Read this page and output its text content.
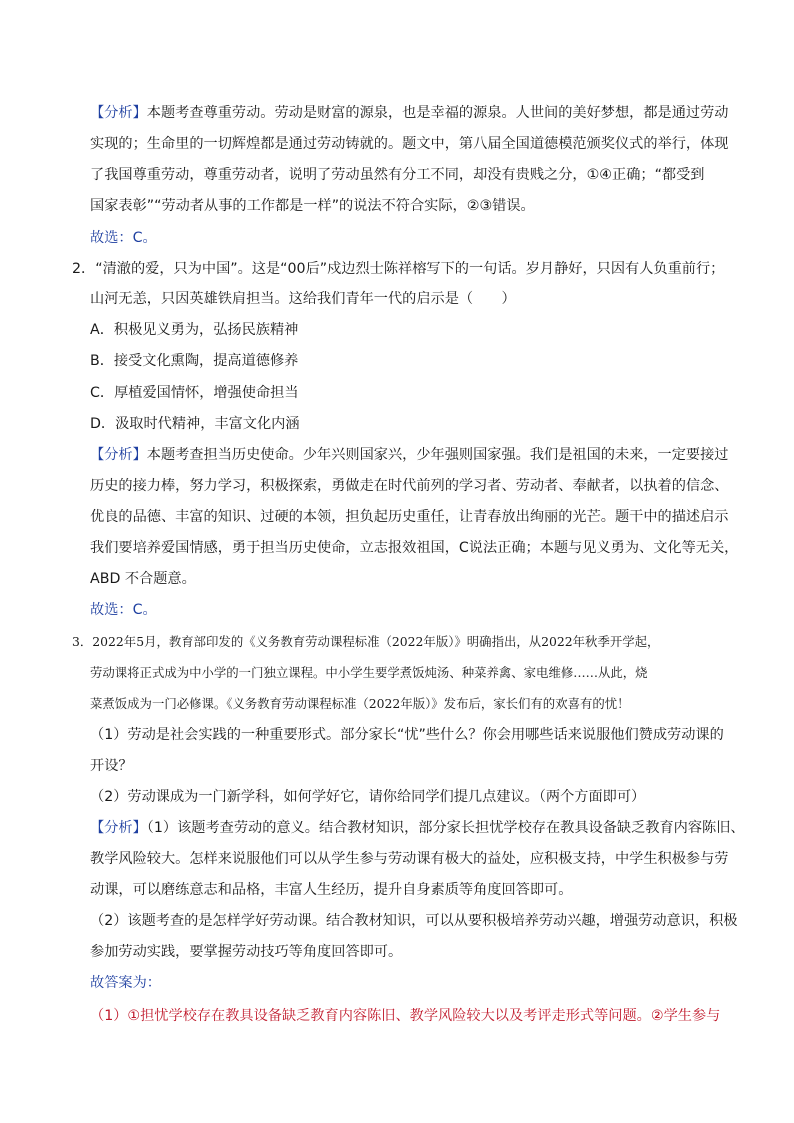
【分析】本题考查尊重劳动。劳动是财富的源泉，也是幸福的源泉。人世间的美好梦想，都是通过劳动
实现的；生命里的一切辉煌都是通过劳动铸就的。题文中，第八届全国道德模范颁奖仪式的举行，体现
了我国尊重劳动，尊重劳动者，说明了劳动虽然有分工不同，却没有贵贱之分，①④正确；“都受到
国家表彰”“劳动者从事的工作都是一样”的说法不符合实际，②③错误。
故选：C。
2．“清澈的爱，只为中国”。这是“00后”戍边烈士陈祥榕写下的一句话。岁月静好，只因有人负重前行；
山河无恙，只因英雄铁肩担当。这给我们青年一代的启示是（　　）
A．积极见义勇为，弘扬民族精神
B．接受文化熏陶，提高道德修养
C．厚植爱国情怀，增强使命担当
D．汲取时代精神，丰富文化内涵
【分析】本题考查担当历史使命。少年兴则国家兴，少年强则国家强。我们是祖国的未来，一定要接过
历史的接力棒，努力学习，积极探索，勇做走在时代前列的学习者、劳动者、奉献者，以执着的信念、
优良的品德、丰富的知识、过硬的本领，担负起历史重任，让青春放出绚丽的光芒。题干中的描述启示
我们要培养爱国情感，勇于担当历史使命，立志报效祖国，C说法正确；本题与见义勇为、文化等无关，
ABD 不合题意。
故选：C。
3．2022年5月，教育部印发的《义务教育劳动课程标准（2022年版）》明确指出，从2022年秋季开学起，
劳动课将正式成为中小学的一门独立课程。中小学生要学煮饭炖汤、种菜养禽、家电维修……从此，烧
菜煮饭成为一门必修课。《义务教育劳动课程标准（2022年版）》发布后，家长们有的欢喜有的忧！
（1）劳动是社会实践的一种重要形式。部分家长“忧”些什么？你会用哪些话来说服他们赞成劳动课的
开设？
（2）劳动课成为一门新学科，如何学好它，请你给同学们提几点建议。（两个方面即可）
【分析】（1）该题考查劳动的意义。结合教材知识，部分家长担忧学校存在教具设备缺乏教育内容陈旧、
教学风险较大。怎样来说服他们可以从学生参与劳动课有极大的益处，应积极支持，中学生积极参与劳
动课，可以磨练意志和品格，丰富人生经历，提升自身素质等角度回答即可。
（2）该题考查的是怎样学好劳动课。结合教材知识，可以从要积极培养劳动兴趣，增强劳动意识，积极
参加劳动实践，要掌握劳动技巧等角度回答即可。
故答案为：
（1）①担忧学校存在教具设备缺乏教育内容陈旧、教学风险较大以及考评走形式等问题。②学生参与
